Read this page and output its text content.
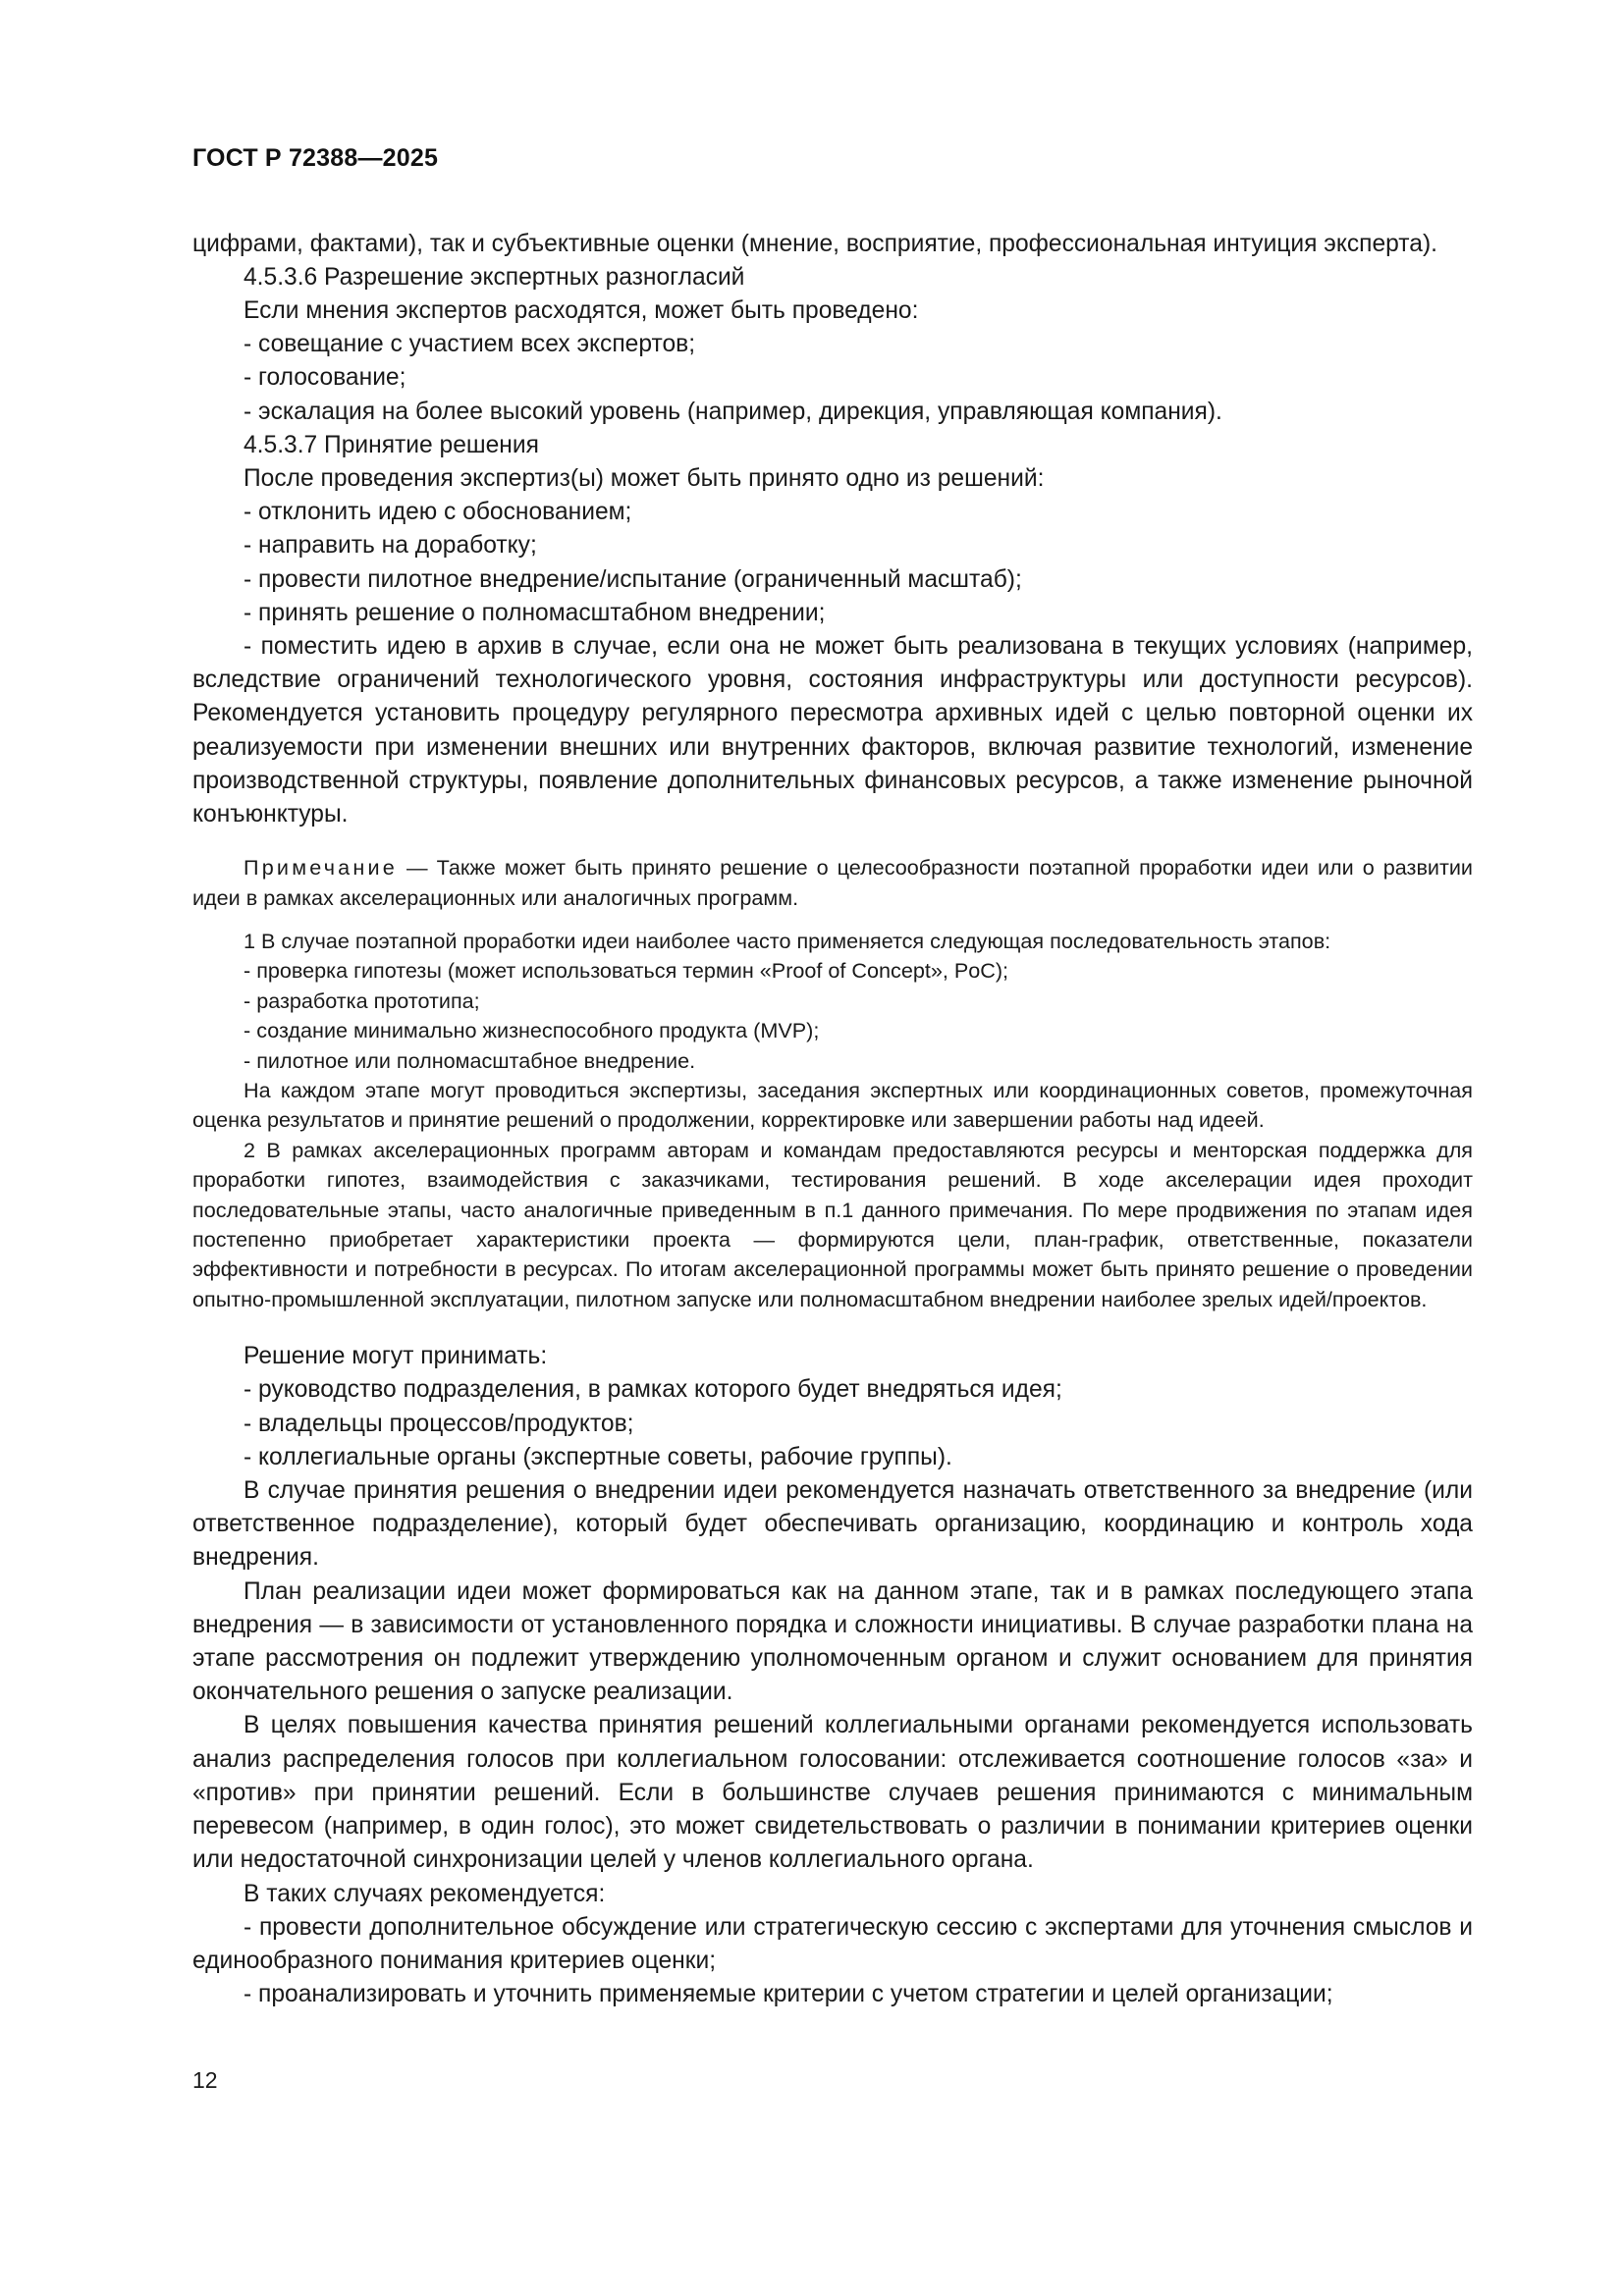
ГОСТ Р 72388—2025

цифрами, фактами), так и субъективные оценки (мнение, восприятие, профессиональная интуиция эксперта).

4.5.3.6 Разрешение экспертных разногласий

Если мнения экспертов расходятся, может быть проведено:

- совещание с участием всех экспертов;

- голосование;

- эскалация на более высокий уровень (например, дирекция, управляющая компания).

4.5.3.7 Принятие решения

После проведения экспертиз(ы) может быть принято одно из решений:

- отклонить идею с обоснованием;

- направить на доработку;

- провести пилотное внедрение/испытание (ограниченный масштаб);

- принять решение о полномасштабном внедрении;

- поместить идею в архив в случае, если она не может быть реализована в текущих условиях (например, вследствие ограничений технологического уровня, состояния инфраструктуры или доступности ресурсов). Рекомендуется установить процедуру регулярного пересмотра архивных идей с целью повторной оценки их реализуемости при изменении внешних или внутренних факторов, включая развитие технологий, изменение производственной структуры, появление дополнительных финансовых ресурсов, а также изменение рыночной конъюнктуры.

Примечание — Также может быть принято решение о целесообразности поэтапной проработки идеи или о развитии идеи в рамках акселерационных или аналогичных программ.

1 В случае поэтапной проработки идеи наиболее часто применяется следующая последовательность этапов:

- проверка гипотезы (может использоваться термин «Proof of Concept», PoC);

- разработка прототипа;

- создание минимально жизнеспособного продукта (MVP);

- пилотное или полномасштабное внедрение.

На каждом этапе могут проводиться экспертизы, заседания экспертных или координационных советов, промежуточная оценка результатов и принятие решений о продолжении, корректировке или завершении работы над идеей.

2 В рамках акселерационных программ авторам и командам предоставляются ресурсы и менторская поддержка для проработки гипотез, взаимодействия с заказчиками, тестирования решений. В ходе акселерации идея проходит последовательные этапы, часто аналогичные приведенным в п.1 данного примечания. По мере продвижения по этапам идея постепенно приобретает характеристики проекта — формируются цели, план-график, ответственные, показатели эффективности и потребности в ресурсах. По итогам акселерационной программы может быть принято решение о проведении опытно-промышленной эксплуатации, пилотном запуске или полномасштабном внедрении наиболее зрелых идей/проектов.

Решение могут принимать:

- руководство подразделения, в рамках которого будет внедряться идея;

- владельцы процессов/продуктов;

- коллегиальные органы (экспертные советы, рабочие группы).

В случае принятия решения о внедрении идеи рекомендуется назначать ответственного за внедрение (или ответственное подразделение), который будет обеспечивать организацию, координацию и контроль хода внедрения.

План реализации идеи может формироваться как на данном этапе, так и в рамках последующего этапа внедрения — в зависимости от установленного порядка и сложности инициативы. В случае разработки плана на этапе рассмотрения он подлежит утверждению уполномоченным органом и служит основанием для принятия окончательного решения о запуске реализации.

В целях повышения качества принятия решений коллегиальными органами рекомендуется использовать анализ распределения голосов при коллегиальном голосовании: отслеживается соотношение голосов «за» и «против» при принятии решений. Если в большинстве случаев решения принимаются с минимальным перевесом (например, в один голос), это может свидетельствовать о различии в понимании критериев оценки или недостаточной синхронизации целей у членов коллегиального органа.

В таких случаях рекомендуется:

- провести дополнительное обсуждение или стратегическую сессию с экспертами для уточнения смыслов и единообразного понимания критериев оценки;

- проанализировать и уточнить применяемые критерии с учетом стратегии и целей организации;

12
